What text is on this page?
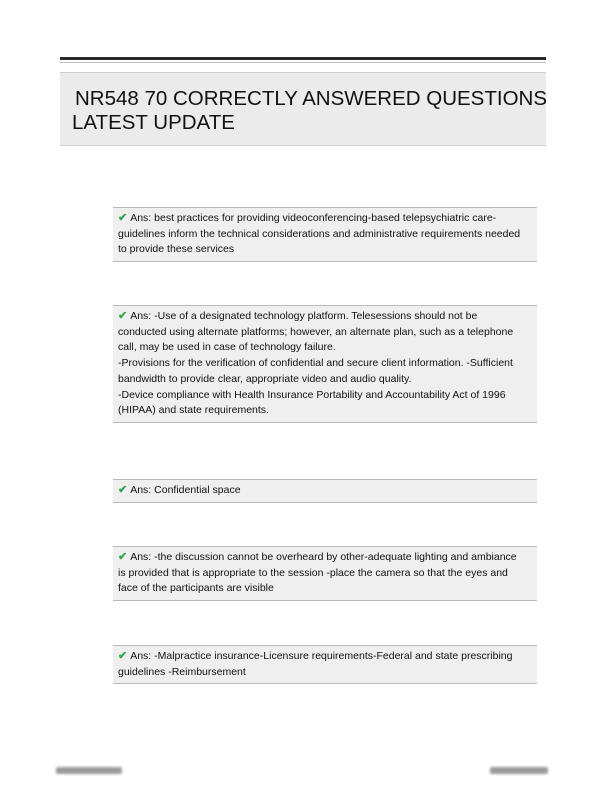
NR548 70 CORRECTLY ANSWERED QUESTIONS
LATEST UPDATE
✔ Ans: best practices for providing videoconferencing-based telepsychiatric care-
guidelines inform the technical considerations and administrative requirements needed
to provide these services
✔ Ans: -Use of a designated technology platform. Telesessions should not be
conducted using alternate platforms; however, an alternate plan, such as a telephone
call, may be used in case of technology failure.
-Provisions for the verification of confidential and secure client information. -Sufficient
bandwidth to provide clear, appropriate video and audio quality.
-Device compliance with Health Insurance Portability and Accountability Act of 1996
(HIPAA) and state requirements.
✔ Ans: Confidential space
✔ Ans: -the discussion cannot be overheard by other-adequate lighting and ambiance
is provided that is appropriate to the session -place the camera so that the eyes and
face of the participants are visible
✔ Ans: -Malpractice insurance-Licensure requirements-Federal and state prescribing
guidelines -Reimbursement
